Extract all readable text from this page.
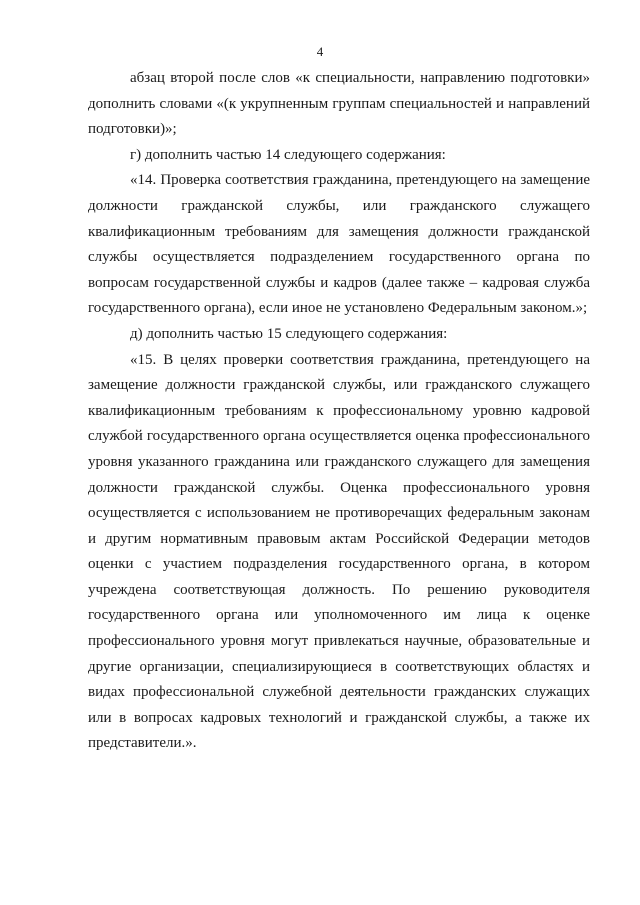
4

абзац второй после слов «к специальности, направлению подготовки» дополнить словами «(к укрупненным группам специальностей и направлений подготовки)»;

г) дополнить частью 14 следующего содержания:

«14. Проверка соответствия гражданина, претендующего на замещение должности гражданской службы, или гражданского служащего квалификационным требованиям для замещения должности гражданской службы осуществляется подразделением государственного органа по вопросам государственной службы и кадров (далее также – кадровая служба государственного органа), если иное не установлено Федеральным законом.»;

д) дополнить частью 15 следующего содержания:

«15. В целях проверки соответствия гражданина, претендующего на замещение должности гражданской службы, или гражданского служащего квалификационным требованиям к профессиональному уровню кадровой службой государственного органа осуществляется оценка профессионального уровня указанного гражданина или гражданского служащего для замещения должности гражданской службы. Оценка профессионального уровня осуществляется с использованием не противоречащих федеральным законам и другим нормативным правовым актам Российской Федерации методов оценки с участием подразделения государственного органа, в котором учреждена соответствующая должность. По решению руководителя государственного органа или уполномоченного им лица к оценке профессионального уровня могут привлекаться научные, образовательные и другие организации, специализирующиеся в соответствующих областях и видах профессиональной служебной деятельности гражданских служащих или в вопросах кадровых технологий и гражданской службы, а также их представители.».
